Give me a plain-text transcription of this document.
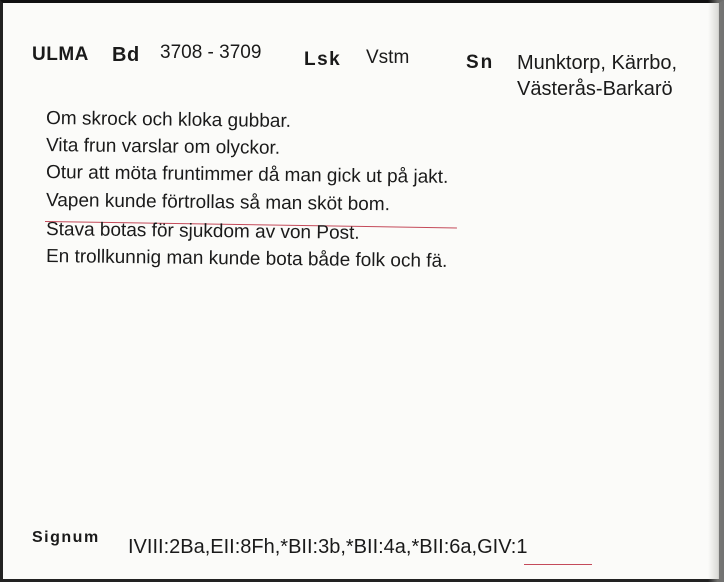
ULMA Bd 3708 - 3709 Lsk Vstm	Sn Munktorp, Kärrbo,
Västerås-Barkarö
Om skrock och kloka gubbar.
Vita frun varslar om olyckor.
Otur att möta fruntimmer då man gick ut på jakt.
Vapen kunde förtrollas så man sköt bom.
Stava botas för sjukdom av von Post.
En trollkunnig man kunde bota både folk och fä.
Signum IVIII:2Ba,EII:8Fh,*BII:3b,*BII:4a,*BII:6a,GIV:1
